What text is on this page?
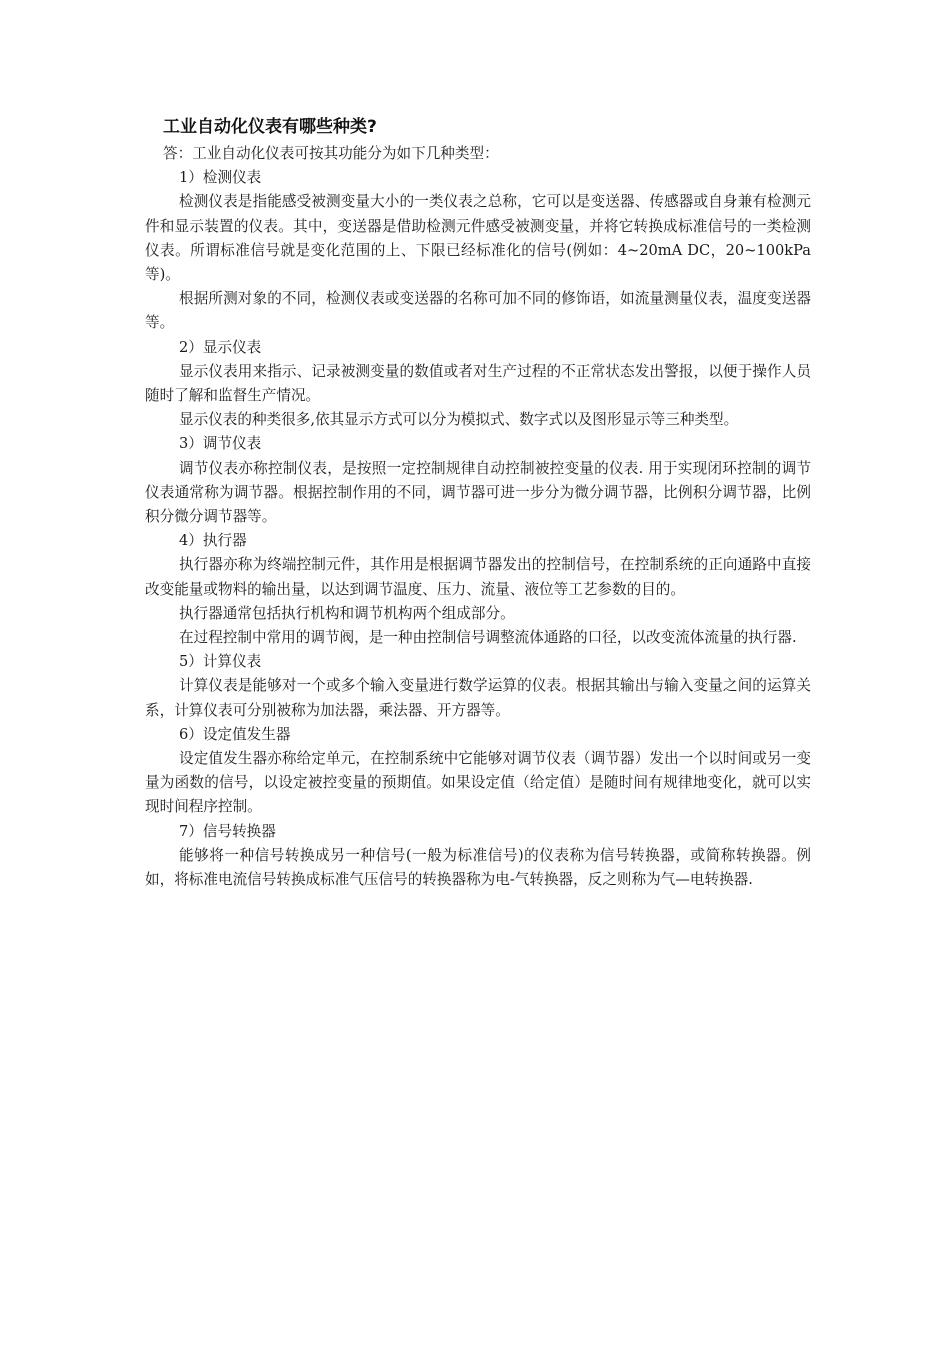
工业自动化仪表有哪些种类?

答：工业自动化仪表可按其功能分为如下几种类型：

1）检测仪表

检测仪表是指能感受被测变量大小的一类仪表之总称，它可以是变送器、传感器或自身兼有检测元件和显示装置的仪表。其中，变送器是借助检测元件感受被测变量，并将它转换成标准信号的一类检测仪表。所谓标准信号就是变化范围的上、下限已经标准化的信号(例如：4~20mA DC，20~100kPa 等)。

根据所测对象的不同，检测仪表或变送器的名称可加不同的修饰语，如流量测量仪表，温度变送器等。

2）显示仪表

显示仪表用来指示、记录被测变量的数值或者对生产过程的不正常状态发出警报，以便于操作人员随时了解和监督生产情况。

显示仪表的种类很多,依其显示方式可以分为模拟式、数字式以及图形显示等三种类型。

3）调节仪表

调节仪表亦称控制仪表，是按照一定控制规律自动控制被控变量的仪表. 用于实现闭环控制的调节仪表通常称为调节器。根据控制作用的不同，调节器可进一步分为微分调节器，比例积分调节器，比例积分微分调节器等。

4）执行器

执行器亦称为终端控制元件，其作用是根据调节器发出的控制信号，在控制系统的正向通路中直接改变能量或物料的输出量，以达到调节温度、压力、流量、液位等工艺参数的目的。

执行器通常包括执行机构和调节机构两个组成部分。

在过程控制中常用的调节阀，是一种由控制信号调整流体通路的口径，以改变流体流量的执行器.

5）计算仪表

计算仪表是能够对一个或多个输入变量进行数学运算的仪表。根据其输出与输入变量之间的运算关系，计算仪表可分别被称为加法器，乘法器、开方器等。

6）设定值发生器

设定值发生器亦称给定单元，在控制系统中它能够对调节仪表（调节器）发出一个以时间或另一变量为函数的信号，以设定被控变量的预期值。如果设定值（给定值）是随时间有规律地变化，就可以实现时间程序控制。

7）信号转换器

能够将一种信号转换成另一种信号(一般为标准信号)的仪表称为信号转换器，或简称转换器。例如，将标准电流信号转换成标准气压信号的转换器称为电-气转换器，反之则称为气—电转换器.
